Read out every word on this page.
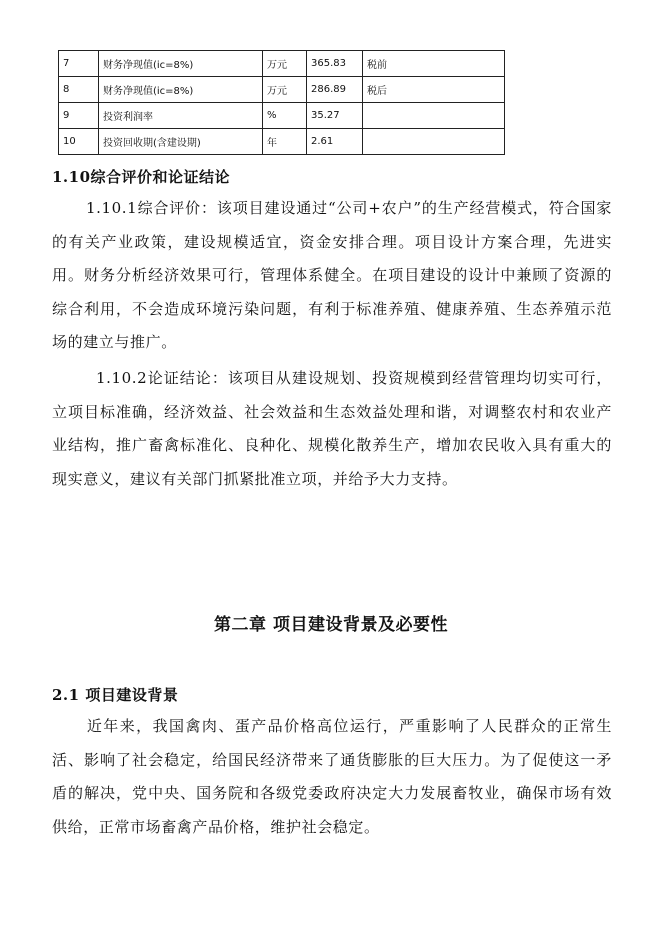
7	财务净现值(ic=8%)	万元	365.83	税前
8	财务净现值(ic=8%)	万元	286.89	税后
9	投资利润率	%	35.27	
10	投资回收期(含建设期)	年	2.61	
1.10综合评价和论证结论
1.10.1综合评价：该项目建设通过“公司+农户”的生产经营模式，符合国家的有关产业政策，建设规模适宜，资金安排合理。项目设计方案合理，先进实用。财务分析经济效果可行，管理体系健全。在项目建设的设计中兼顾了资源的综合利用，不会造成环境污染问题，有利于标准养殖、健康养殖、生态养殖示范场的建立与推广。
1.10.2论证结论：该项目从建设规划、投资规模到经营管理均切实可行，立项目标准确，经济效益、社会效益和生态效益处理和谐，对调整农村和农业产业结构，推广畜禽标准化、良种化、规模化散养生产，增加农民收入具有重大的现实意义，建议有关部门抓紧批准立项，并给予大力支持。
第二章 项目建设背景及必要性
2.1 项目建设背景
近年来，我国禽肉、蛋产品价格高位运行，严重影响了人民群众的正常生活、影响了社会稳定，给国民经济带来了通货膨胀的巨大压力。为了促使这一矛盾的解决，党中央、国务院和各级党委政府决定大力发展畜牧业，确保市场有效供给，正常市场畜禽产品价格，维护社会稳定。
